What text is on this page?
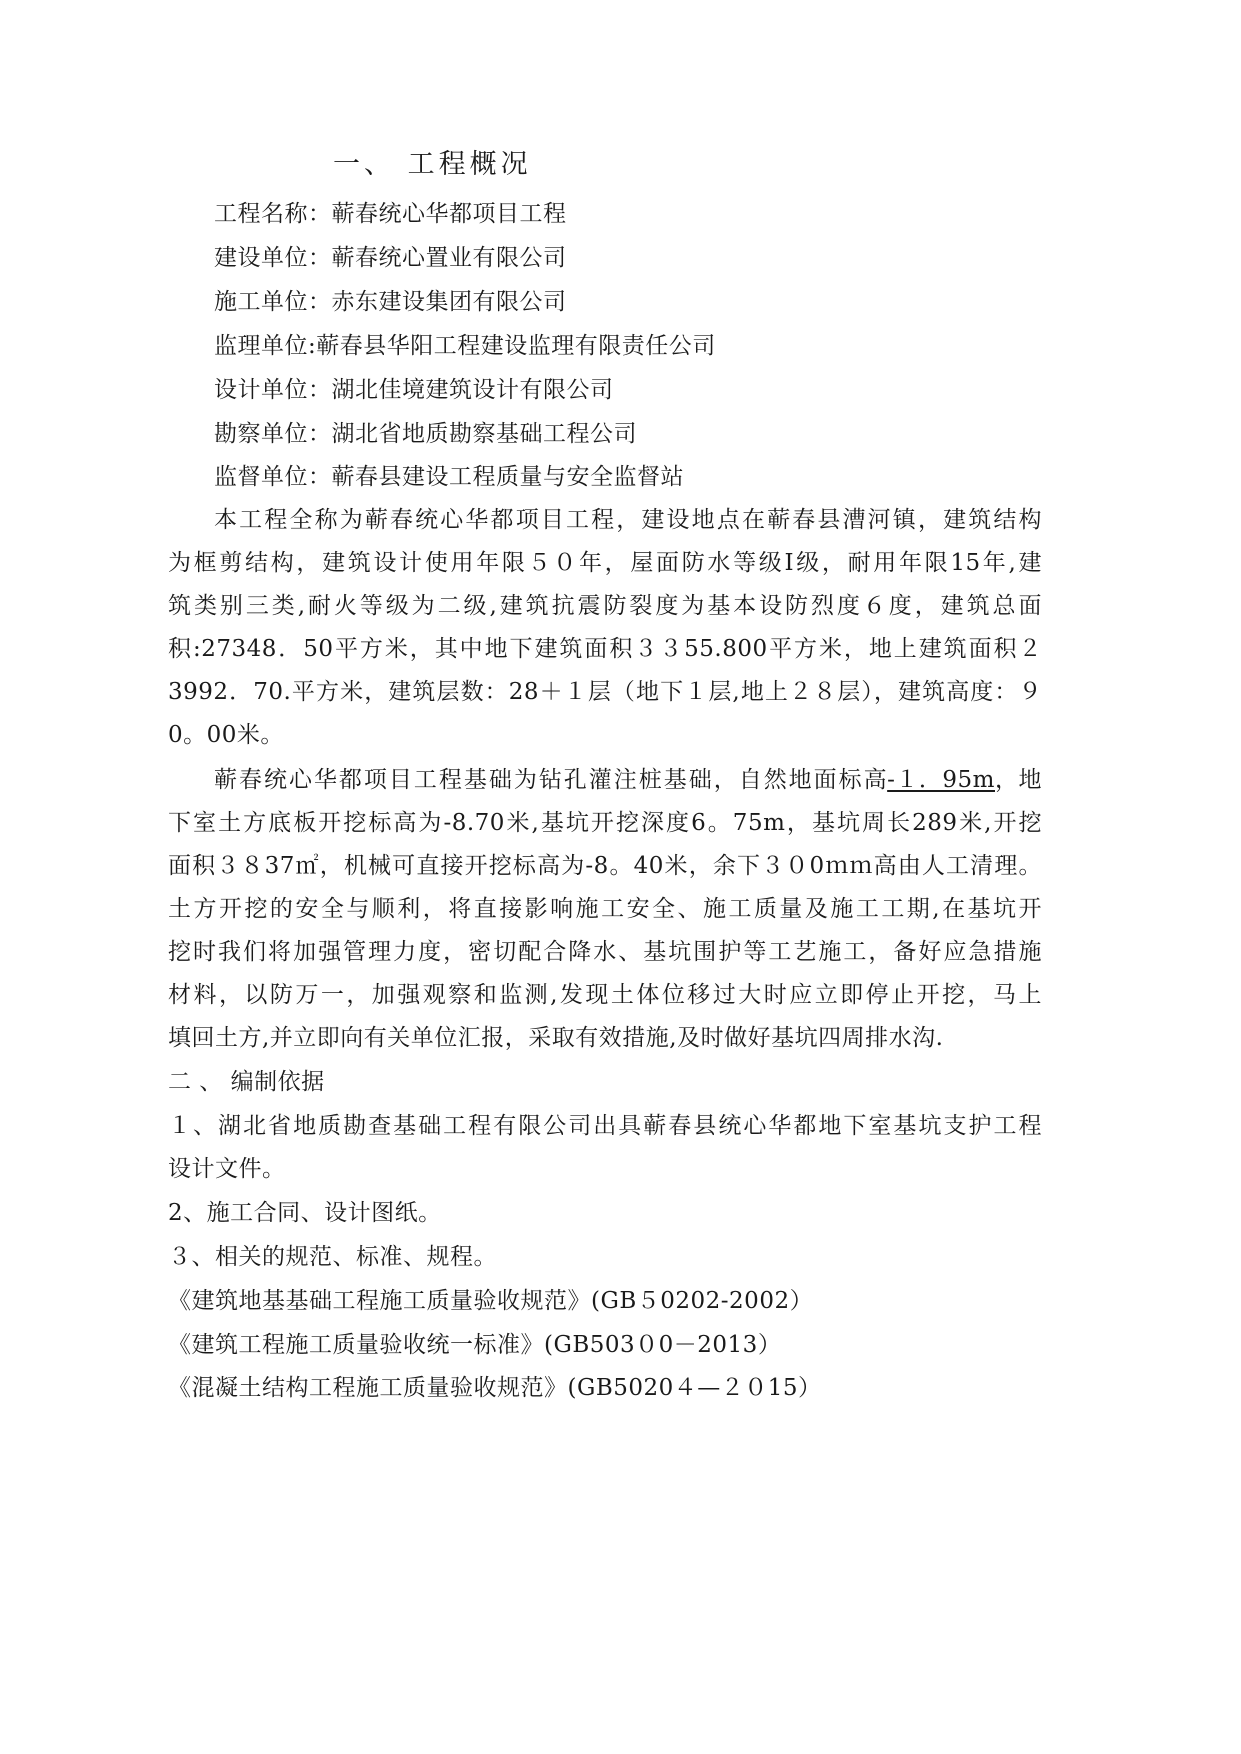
一、 工程概况
工程名称：蕲春统心华都项目工程
建设单位：蕲春统心置业有限公司
施工单位：赤东建设集团有限公司
监理单位:蕲春县华阳工程建设监理有限责任公司
设计单位：湖北佳境建筑设计有限公司
勘察单位：湖北省地质勘察基础工程公司
监督单位：蕲春县建设工程质量与安全监督站
本工程全称为蕲春统心华都项目工程，建设地点在蕲春县漕河镇，建筑结构
为框剪结构，建筑设计使用年限５０年，屋面防水等级Ⅰ级，耐用年限15年,建
筑类别三类,耐火等级为二级,建筑抗震防裂度为基本设防烈度６度，建筑总面
积:27348．50平方米，其中地下建筑面积３３55.800平方米，地上建筑面积２
3992．70.平方米，建筑层数：28＋１层（地下１层,地上２８层），建筑高度：９
0。00米。
蕲春统心华都项目工程基础为钻孔灌注桩基础，自然地面标高 -１．95m ，地
下室土方底板开挖标高为-8.70米,基坑开挖深度6。75m，基坑周长289米,开挖
面积３８37㎡，机械可直接开挖标高为-8。40米，余下３０0ｍｍ高由人工清理。
土方开挖的安全与顺利，将直接影响施工安全、施工质量及施工工期,在基坑开
挖时我们将加强管理力度，密切配合降水、基坑围护等工艺施工，备好应急措施
材料，以防万一，加强观察和监测,发现土体位移过大时应立即停止开挖，马上
填回土方,并立即向有关单位汇报，采取有效措施,及时做好基坑四周排水沟.
二 、 编制依据
１、湖北省地质勘查基础工程有限公司出具蕲春县统心华都地下室基坑支护工程
设计文件。
2、施工合同、设计图纸。
３、相关的规范、标准、规程。
《建筑地基基础工程施工质量验收规范》(GB５0202-2002）
《建筑工程施工质量验收统一标准》(GB503０0－2013）
《混凝土结构工程施工质量验收规范》(GB5020４—２０15）
